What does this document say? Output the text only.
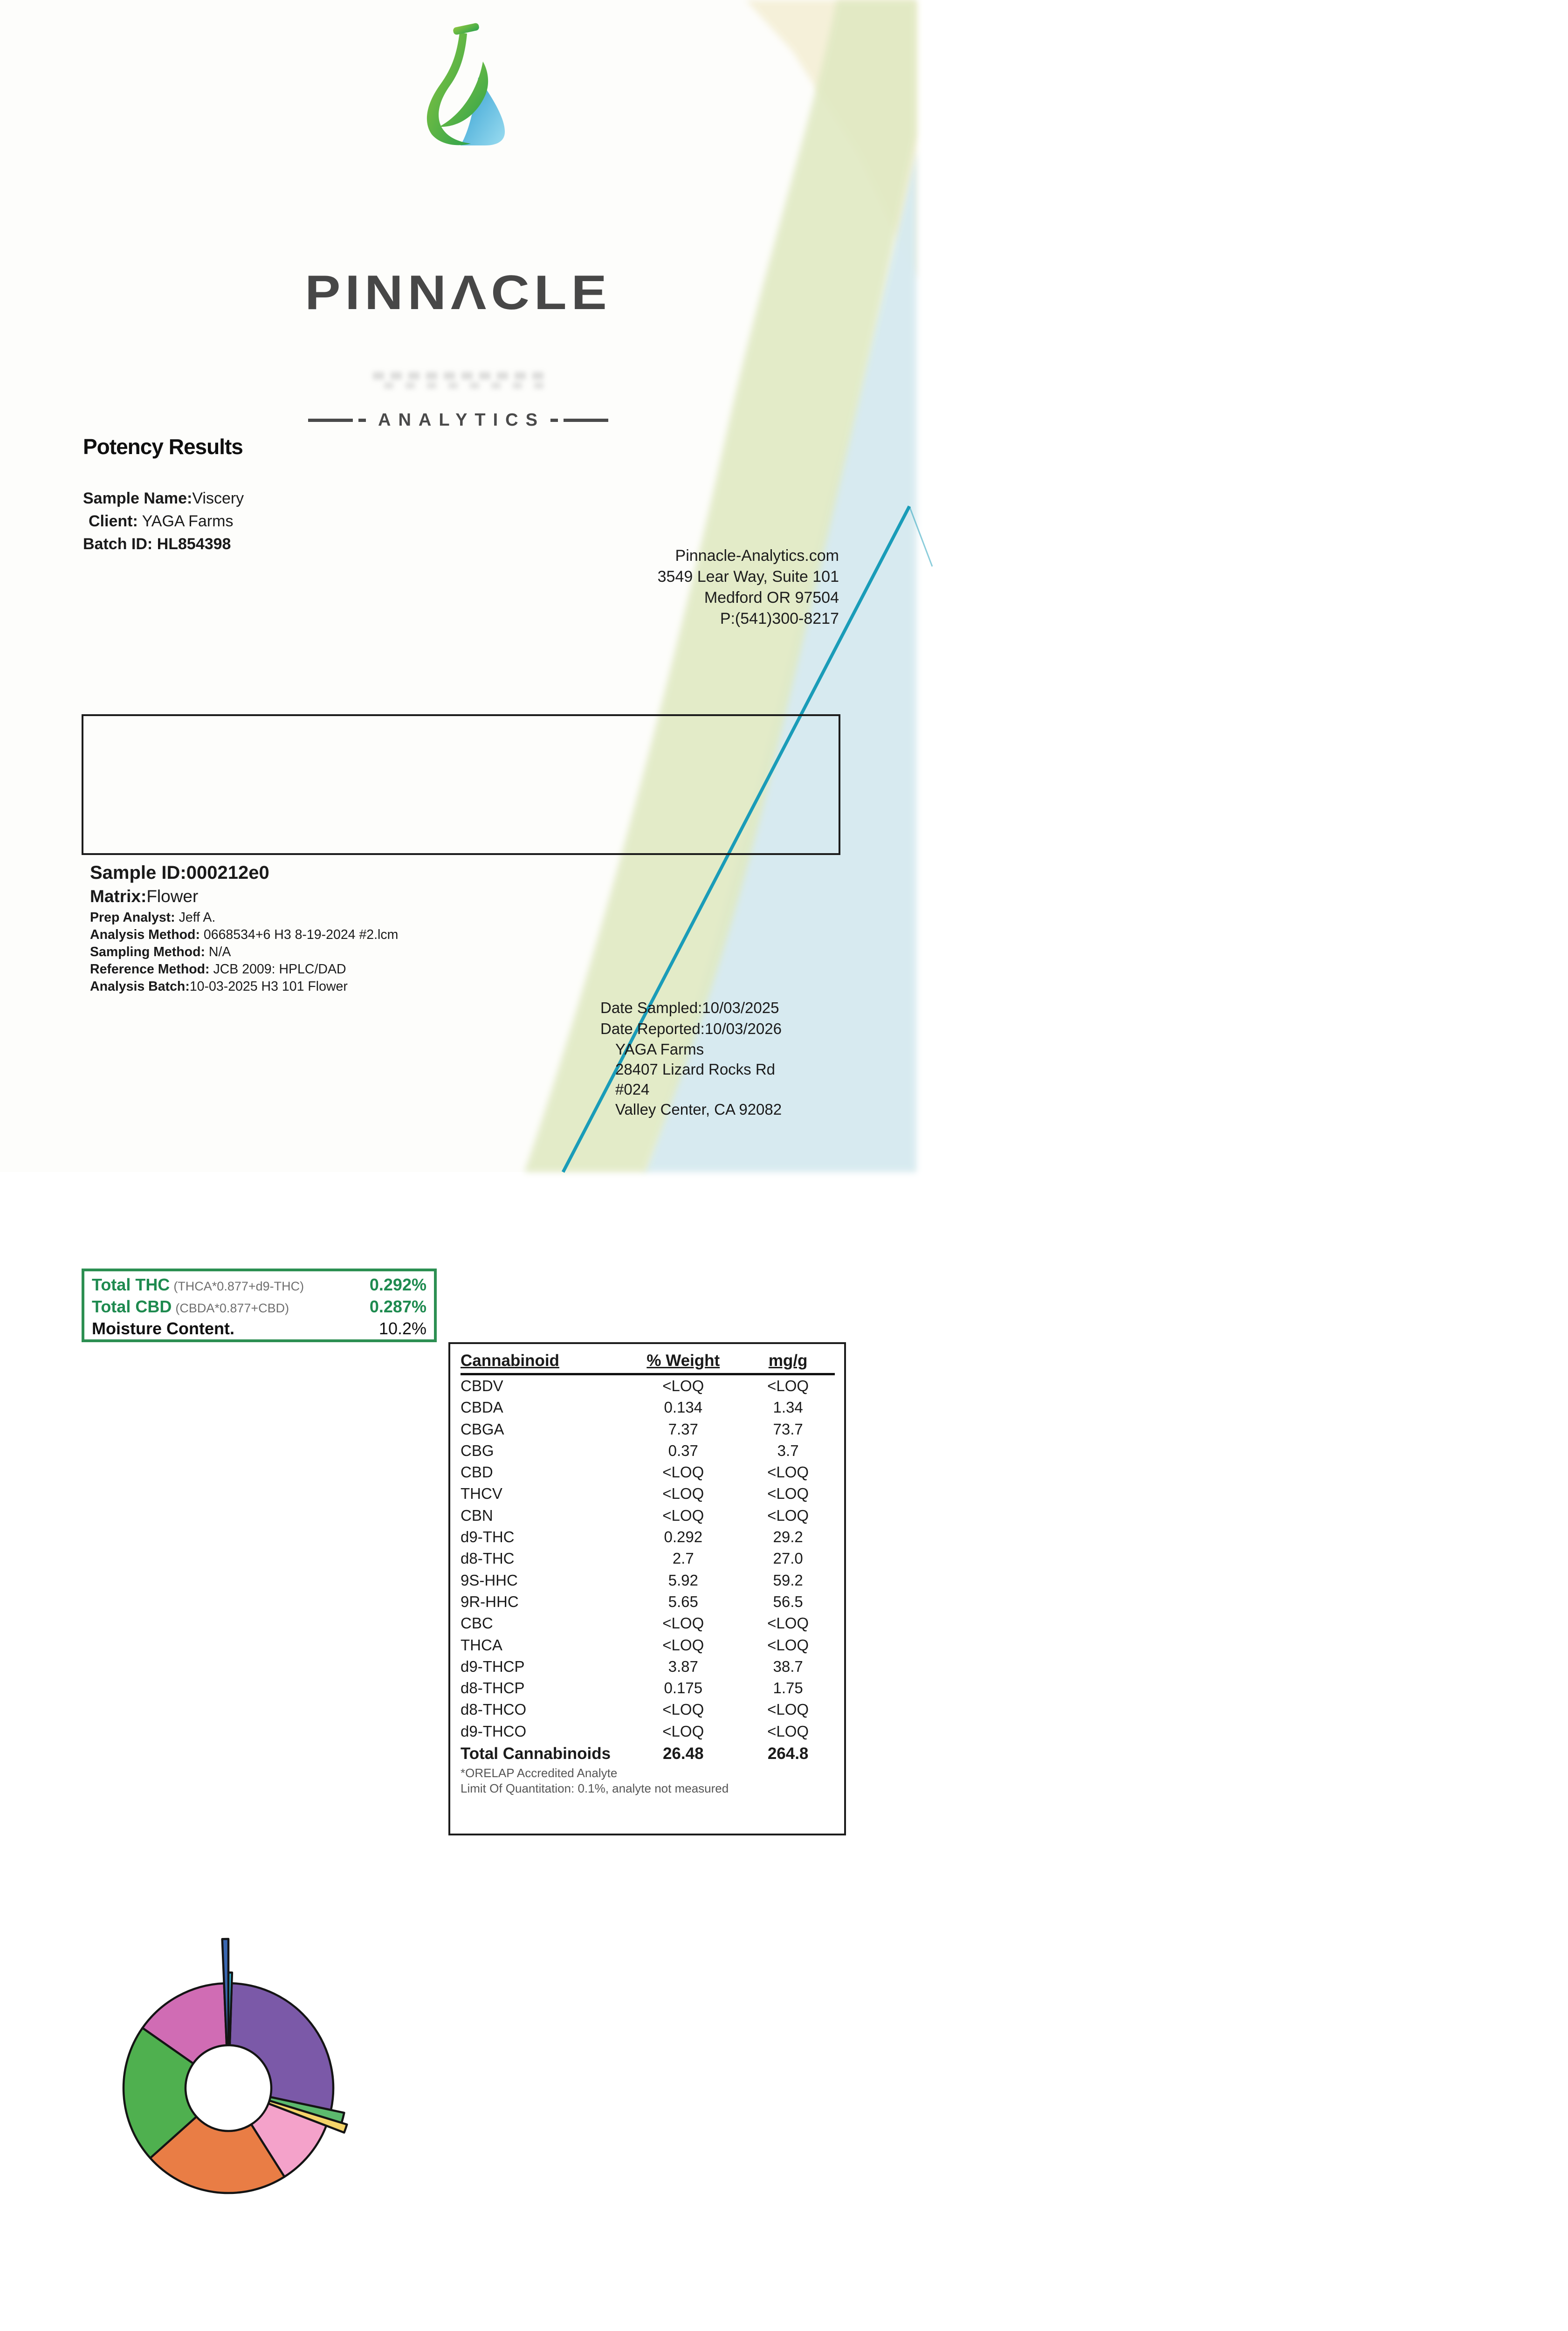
PINNΛCLE
ANALYTICS
Potency Results
Sample Name:Viscery
Client: YAGA Farms
Batch ID: HL854398
Pinnacle-Analytics.com
3549 Lear Way, Suite 101
Medford OR 97504
P:(541)300-8217
Sample ID:000212e0
Matrix:Flower
Prep Analyst: Jeff A.
Analysis Method: 0668534+6 H3 8-19-2024 #2.lcm
Sampling Method: N/A
Reference Method: JCB 2009: HPLC/DAD
Analysis Batch:10-03-2025 H3 101 Flower
Date Sampled:10/03/2025
Date Reported:10/03/2026
YAGA Farms
28407 Lizard Rocks Rd
#024
Valley Center, CA 92082
Total THC (THCA*0.877+d9-THC)	0.292%
Total CBD (CBDA*0.877+CBD)	0.287%
Moisture Content.	10.2%
Cannabinoid	% Weight	mg/g
CBDV	<LOQ	<LOQ
CBDA	0.134	1.34
CBGA	7.37	73.7
CBG	0.37	3.7
CBD	<LOQ	<LOQ
THCV	<LOQ	<LOQ
CBN	<LOQ	<LOQ
d9-THC	0.292	29.2
d8-THC	2.7	27.0
9S-HHC	5.92	59.2
9R-HHC	5.65	56.5
CBC	<LOQ	<LOQ
THCA	<LOQ	<LOQ
d9-THCP	3.87	38.7
d8-THCP	0.175	1.75
d8-THCO	<LOQ	<LOQ
d9-THCO	<LOQ	<LOQ
Total Cannabinoids	26.48	264.8
*ORELAP Accredited Analyte
Limit Of Quantitation: 0.1%, analyte not measured
